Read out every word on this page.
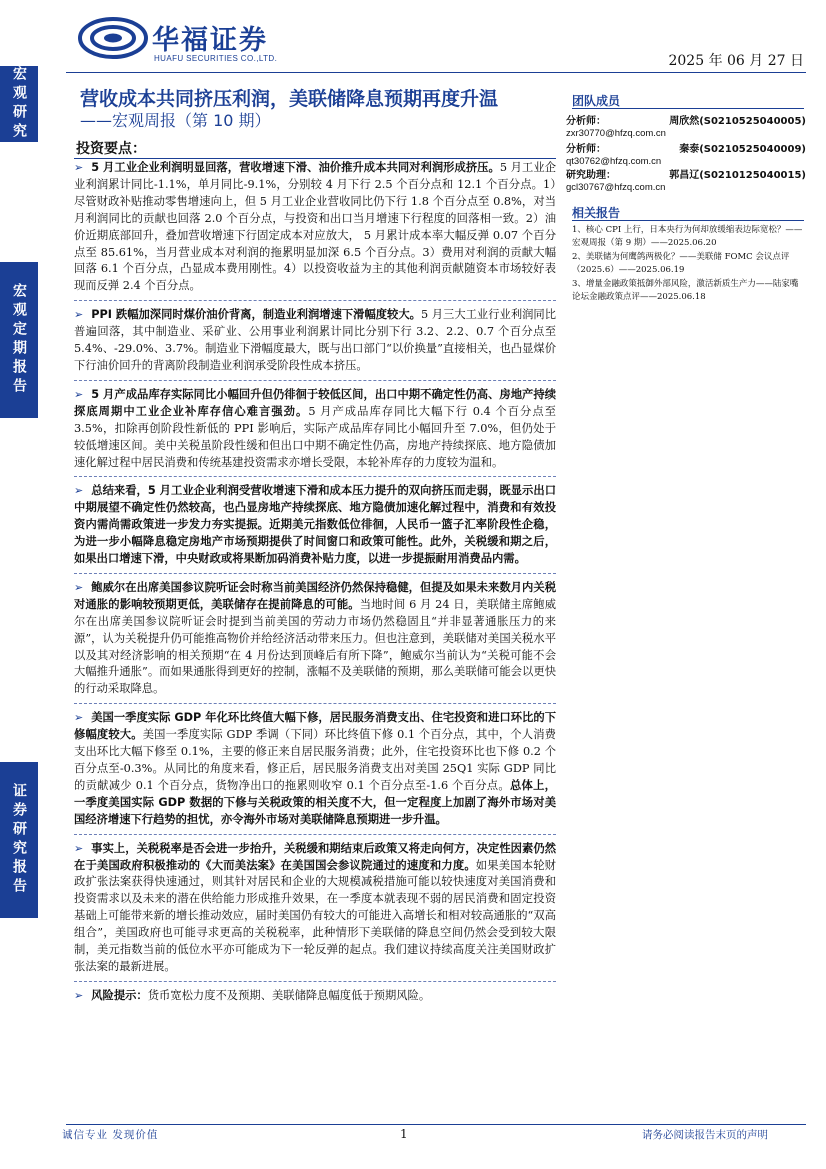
华福证券
HUAFU SECURITIES CO.,LTD.	2025 年 06 月 27 日
宏观研究
宏观定期报告
证券研究报告
营收成本共同挤压利润，美联储降息预期再度升温
——宏观周报（第 10 期）
投资要点：

➢ 5 月工业企业利润明显回落，营收增速下滑、油价推升成本共同对利润形成挤压。5 月工业企业利润累计同比-1.1%，单月同比-9.1%，分别较 4 月下行 2.5 个百分点和 12.1 个百分点。1）尽管财政补贴推动零售增速向上，但 5 月工业企业营收同比仍下行 1.8 个百分点至 0.8%，对当月利润同比的贡献也回落 2.0 个百分点，与投资和出口当月增速下行程度的回落相一致。2）油价近期底部回升，叠加营收增速下行固定成本对应放大， 5 月累计成本率大幅反弹 0.07 个百分点至 85.61%，当月营业成本对利润的拖累明显加深 6.5 个百分点。3）费用对利润的贡献大幅回落 6.1 个百分点，凸显成本费用刚性。4）以投资收益为主的其他利润贡献随资本市场较好表现而反弹 2.4 个百分点。

➢ PPI 跌幅加深同时煤价油价背离，制造业利润增速下滑幅度较大。5 月三大工业行业利润同比普遍回落，其中制造业、采矿业、公用事业利润累计同比分别下行 3.2、2.2、0.7 个百分点至 5.4%、-29.0%、3.7%。制造业下滑幅度最大，既与出口部门“以价换量”直接相关，也凸显煤价下行油价回升的背离阶段制造业利润承受阶段性成本挤压。

➢ 5 月产成品库存实际同比小幅回升但仍徘徊于较低区间，出口中期不确定性仍高、房地产持续探底周期中工业企业补库存信心难言强劲。5 月产成品库存同比大幅下行 0.4 个百分点至 3.5%，扣除再创阶段性新低的 PPI 影响后，实际产成品库存同比小幅回升至 7.0%，但仍处于较低增速区间。美中关税虽阶段性缓和但出口中期不确定性仍高，房地产持续探底、地方隐债加速化解过程中居民消费和传统基建投资需求亦增长受限，本轮补库存的力度较为温和。

➢ 总结来看，5 月工业企业利润受营收增速下滑和成本压力提升的双向挤压而走弱，既显示出口中期展望不确定性仍然较高，也凸显房地产持续探底、地方隐债加速化解过程中，消费和有效投资内需尚需政策进一步发力夯实提振。近期美元指数低位徘徊，人民币一篮子汇率阶段性企稳，为进一步小幅降息稳定房地产市场预期提供了时间窗口和政策可能性。此外，关税缓和期之后，如果出口增速下滑，中央财政或将果断加码消费补贴力度，以进一步提振耐用消费品内需。

➢ 鲍威尔在出席美国参议院听证会时称当前美国经济仍然保持稳健，但提及如果未来数月内关税对通胀的影响较预期更低，美联储存在提前降息的可能。当地时间 6 月 24 日，美联储主席鲍威尔在出席美国参议院听证会时提到当前美国的劳动力市场仍然稳固且“并非显著通胀压力的来源”，认为关税提升仍可能推高物价并给经济活动带来压力。但也注意到，美联储对美国关税水平以及其对经济影响的相关预期“在 4 月份达到顶峰后有所下降”，鲍威尔当前认为“关税可能不会大幅推升通胀”。而如果通胀得到更好的控制，涨幅不及美联储的预期，那么美联储可能会以更快的行动采取降息。

➢ 美国一季度实际 GDP 年化环比终值大幅下修，居民服务消费支出、住宅投资和进口环比的下修幅度较大。美国一季度实际 GDP 季调（下同）环比终值下修 0.1 个百分点，其中，个人消费支出环比大幅下修至 0.1%，主要的修正来自居民服务消费；此外，住宅投资环比也下修 0.2 个百分点至-0.3%。从同比的角度来看，修正后，居民服务消费支出对美国 25Q1 实际 GDP 同比的贡献减少 0.1 个百分点，货物净出口的拖累则收窄 0.1 个百分点至-1.6 个百分点。总体上，一季度美国实际 GDP 数据的下修与关税政策的相关度不大，但一定程度上加剧了海外市场对美国经济增速下行趋势的担忧，亦令海外市场对美联储降息预期进一步升温。

➢ 事实上，关税税率是否会进一步抬升，关税缓和期结束后政策又将走向何方，决定性因素仍然在于美国政府积极推动的《大而美法案》在美国国会参议院通过的速度和力度。如果美国本轮财政扩张法案获得快速通过，则其针对居民和企业的大规模减税措施可能以较快速度对美国消费和投资需求以及未来的潜在供给能力形成推升效果，在一季度本就表现不弱的居民消费和固定投资基础上可能带来新的增长推动效应，届时美国仍有较大的可能进入高增长和相对较高通胀的“双高组合”，美国政府也可能寻求更高的关税税率，此种情形下美联储的降息空间仍然会受到较大限制，美元指数当前的低位水平亦可能成为下一轮反弹的起点。我们建议持续高度关注美国财政扩张法案的最新进展。

➢ 风险提示：货币宽松力度不及预期、美联储降息幅度低于预期风险。

团队成员
分析师：	周欣然(S0210525040005)
zxr30770@hfzq.com.cn
分析师：	秦泰(S0210525040009)
qt30762@hfzq.com.cn
研究助理：	郭昌辽(S0210125040015)
gcl30767@hfzq.com.cn
相关报告
1、核心 CPI 上行，日本央行为何却放缓缩表边际宽松？——宏观周报（第 9 期）——2025.06.20
2、美联储为何鹰鸽两极化？——美联储 FOMC 会议点评（2025.6）——2025.06.19
3、增量金融政策抵御外部风险，激活新质生产力——陆家嘴论坛金融政策点评——2025.06.18
诚信专业 发现价值	1	请务必阅读报告末页的声明
